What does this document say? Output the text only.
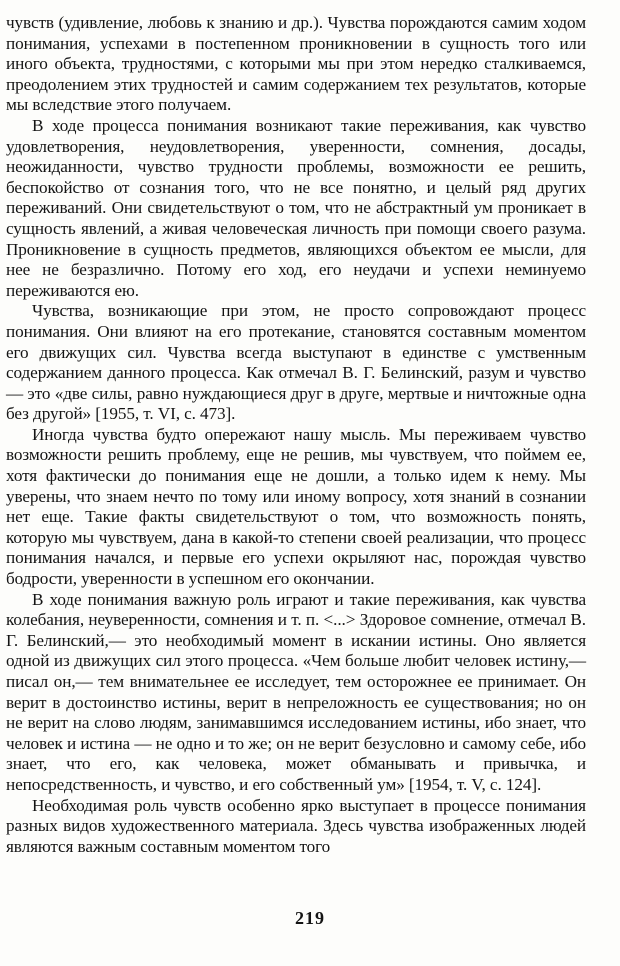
чувств (удивление, любовь к знанию и др.). Чувства порождаются самим ходом понимания, успехами в постепенном проникновении в сущность того или иного объекта, трудностями, с которыми мы при этом нередко сталкиваемся, преодолением этих трудностей и самим содержанием тех результатов, которые мы вследствие этого получаем.

В ходе процесса понимания возникают такие переживания, как чувство удовлетворения, неудовлетворения, уверенности, сомнения, досады, неожиданности, чувство трудности проблемы, возможности ее решить, беспокойство от сознания того, что не все понятно, и целый ряд других переживаний. Они свидетельствуют о том, что не абстрактный ум проникает в сущность явлений, а живая человеческая личность при помощи своего разума. Проникновение в сущность предметов, являющихся объектом ее мысли, для нее не безразлично. Потому его ход, его неудачи и успехи неминуемо переживаются ею.

Чувства, возникающие при этом, не просто сопровождают процесс понимания. Они влияют на его протекание, становятся составным моментом его движущих сил. Чувства всегда выступают в единстве с умственным содержанием данного процесса. Как отмечал В. Г. Белинский, разум и чувство — это «две силы, равно нуждающиеся друг в друге, мертвые и ничтожные одна без другой» [1955, т. VI, с. 473].

Иногда чувства будто опережают нашу мысль. Мы переживаем чувство возможности решить проблему, еще не решив, мы чувствуем, что поймем ее, хотя фактически до понимания еще не дошли, а только идем к нему. Мы уверены, что знаем нечто по тому или иному вопросу, хотя знаний в сознании нет еще. Такие факты свидетельствуют о том, что возможность понять, которую мы чувствуем, дана в какой-то степени своей реализации, что процесс понимания начался, и первые его успехи окрыляют нас, порождая чувство бодрости, уверенности в успешном его окончании.

В ходе понимания важную роль играют и такие переживания, как чувства колебания, неуверенности, сомнения и т. п. <...> Здоровое сомнение, отмечал В. Г. Белинский,— это необходимый момент в искании истины. Оно является одной из движущих сил этого процесса. «Чем больше любит человек истину,— писал он,— тем внимательнее ее исследует, тем осторожнее ее принимает. Он верит в достоинство истины, верит в непреложность ее существования; но он не верит на слово людям, занимавшимся исследованием истины, ибо знает, что человек и истина — не одно и то же; он не верит безусловно и самому себе, ибо знает, что его, как человека, может обманывать и привычка, и непосредственность, и чувство, и его собственный ум» [1954, т. V, с. 124].

Необходимая роль чувств особенно ярко выступает в процессе понимания разных видов художественного материала. Здесь чувства изображенных людей являются важным составным моментом того

219
